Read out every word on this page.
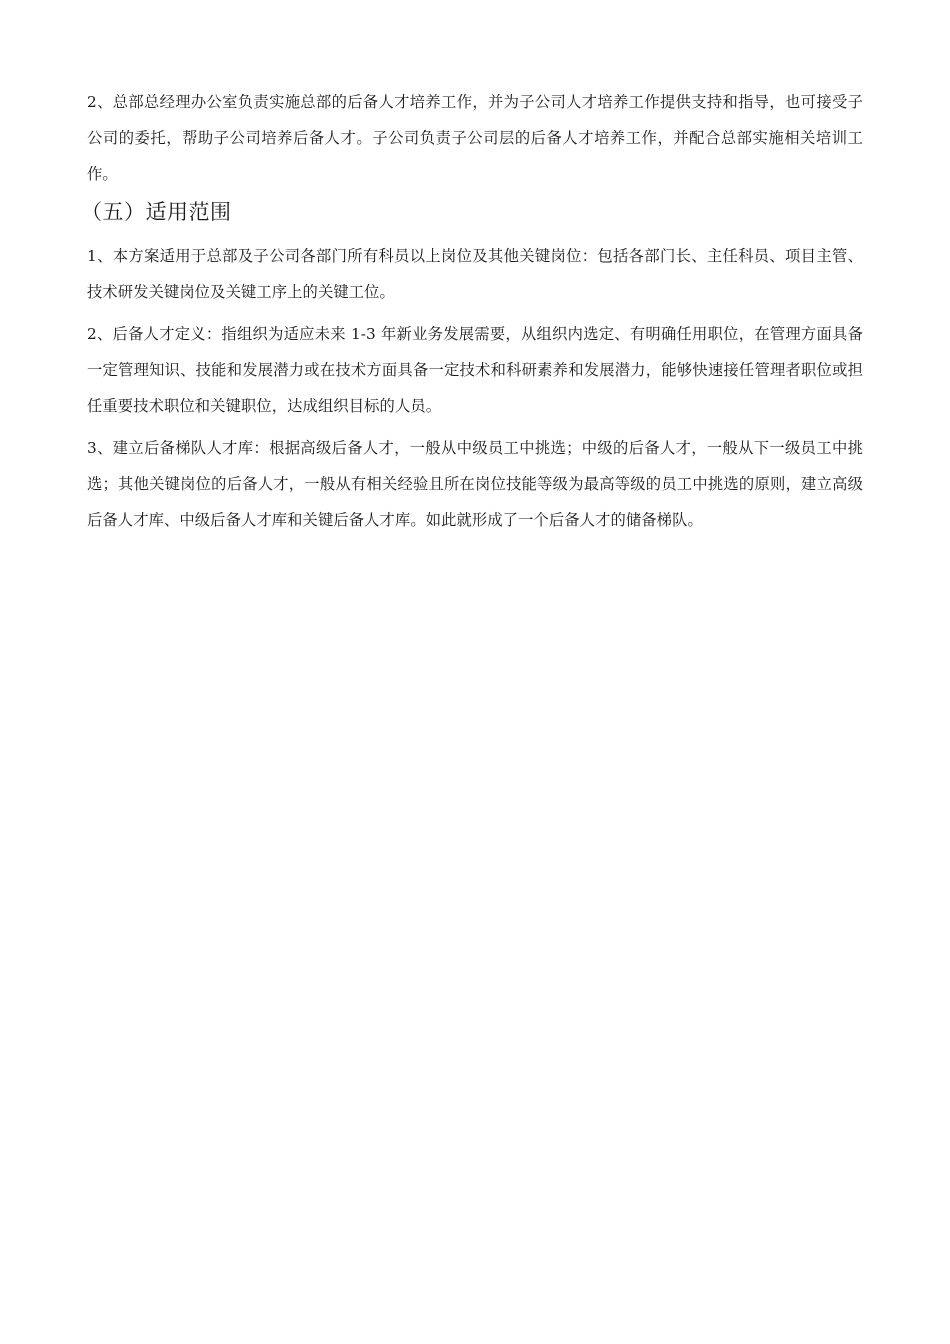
2、总部总经理办公室负责实施总部的后备人才培养工作，并为子公司人才培养工作提供支持和指导，也可接受子公司的委托，帮助子公司培养后备人才。子公司负责子公司层的后备人才培养工作，并配合总部实施相关培训工作。

（五）适用范围

1、本方案适用于总部及子公司各部门所有科员以上岗位及其他关键岗位：包括各部门长、主任科员、项目主管、技术研发关键岗位及关键工序上的关键工位。

2、后备人才定义：指组织为适应未来 1-3 年新业务发展需要，从组织内选定、有明确任用职位，在管理方面具备一定管理知识、技能和发展潜力或在技术方面具备一定技术和科研素养和发展潜力，能够快速接任管理者职位或担任重要技术职位和关键职位，达成组织目标的人员。

3、建立后备梯队人才库：根据高级后备人才，一般从中级员工中挑选；中级的后备人才，一般从下一级员工中挑选；其他关键岗位的后备人才，一般从有相关经验且所在岗位技能等级为最高等级的员工中挑选的原则，建立高级后备人才库、中级后备人才库和关键后备人才库。如此就形成了一个后备人才的储备梯队。
